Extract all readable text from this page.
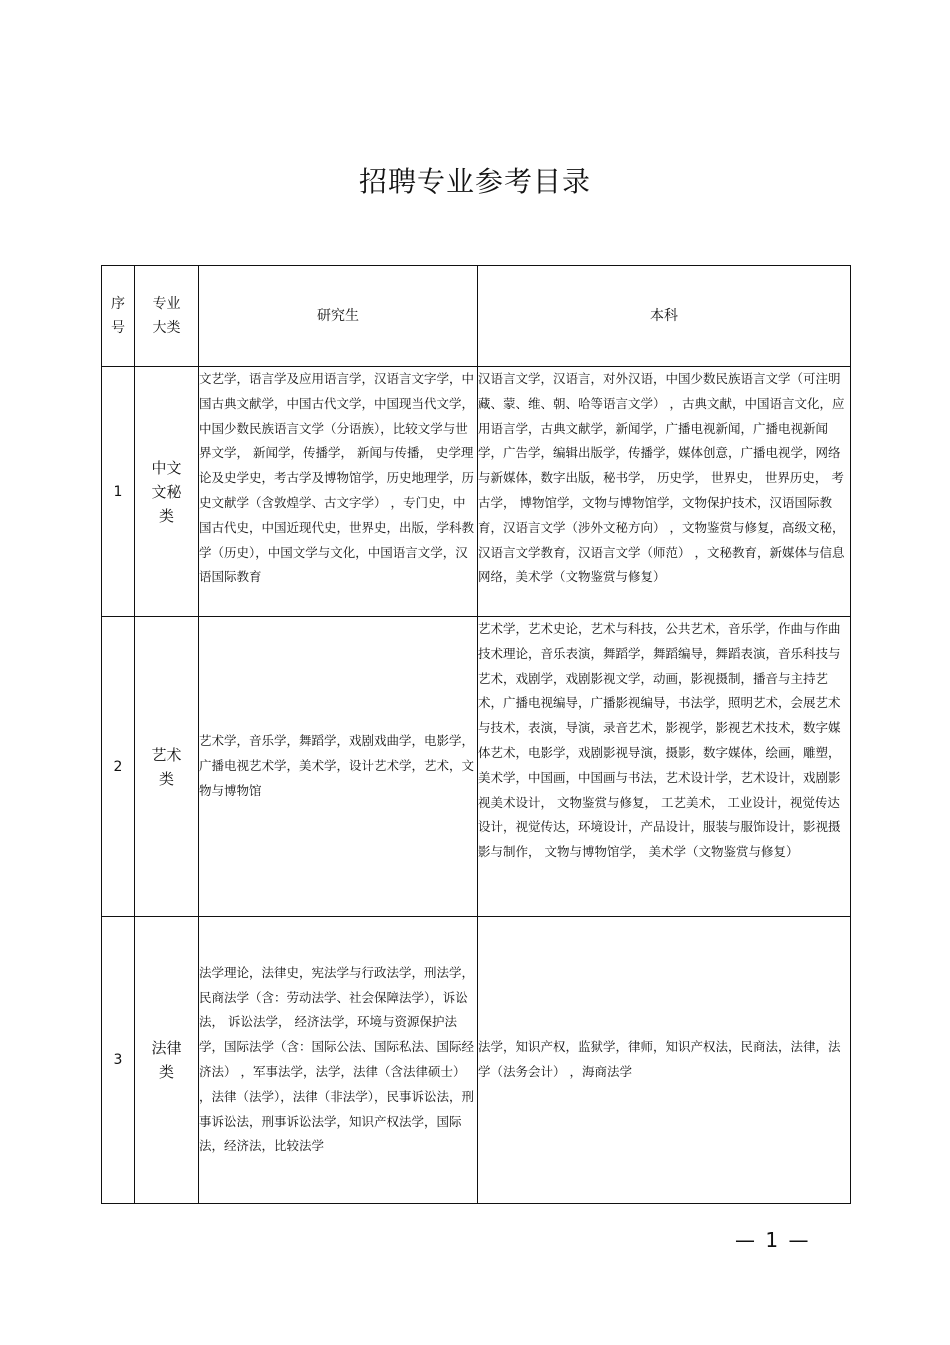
招聘专业参考目录
序号	专业大类	研究生	本科
1	中文文秘类	文艺学，语言学及应用语言学，汉语言文字学，中国古典文献学，中国古代文学，中国现当代文学，中国少数民族语言文学（分语族），比较文学与世界文学， 新闻学，传播学， 新闻与传播， 史学理论及史学史，考古学及博物馆学，历史地理学，历史文献学（含敦煌学、古文字学） ，专门史，中国古代史，中国近现代史，世界史，出版，学科教学（历史），中国文学与文化，中国语言文学，汉语国际教育	汉语言文学，汉语言，对外汉语，中国少数民族语言文学（可注明藏、蒙、维、朝、哈等语言文学） ，古典文献，中国语言文化，应用语言学，古典文献学，新闻学，广播电视新闻，广播电视新闻学，广告学，编辑出版学，传播学，媒体创意，广播电视学，网络与新媒体，数字出版，秘书学， 历史学， 世界史， 世界历史， 考古学， 博物馆学，文物与博物馆学，文物保护技术，汉语国际教育，汉语言文学（涉外文秘方向） ，文物鉴赏与修复，高级文秘，汉语言文学教育，汉语言文学（师范） ，文秘教育，新媒体与信息网络，美术学（文物鉴赏与修复）
2	艺术类	艺术学，音乐学，舞蹈学，戏剧戏曲学，电影学，广播电视艺术学，美术学，设计艺术学，艺术，文物与博物馆	艺术学，艺术史论，艺术与科技，公共艺术，音乐学，作曲与作曲技术理论，音乐表演，舞蹈学，舞蹈编导，舞蹈表演，音乐科技与艺术，戏剧学，戏剧影视文学，动画，影视摄制，播音与主持艺术，广播电视编导，广播影视编导，书法学，照明艺术，会展艺术与技术，表演，导演，录音艺术，影视学，影视艺术技术，数字媒体艺术，电影学，戏剧影视导演，摄影，数字媒体，绘画，雕塑，美术学，中国画，中国画与书法，艺术设计学，艺术设计，戏剧影视美术设计， 文物鉴赏与修复， 工艺美术， 工业设计，视觉传达设计，视觉传达，环境设计，产品设计，服装与服饰设计，影视摄影与制作， 文物与博物馆学， 美术学（文物鉴赏与修复）
3	法律类	法学理论，法律史，宪法学与行政法学，刑法学，民商法学（含：劳动法学、社会保障法学），诉讼法， 诉讼法学， 经济法学，环境与资源保护法学，国际法学（含：国际公法、国际私法、国际经济法） ，军事法学，法学，法律（含法律硕士） ，法律（法学），法律（非法学），民事诉讼法，刑事诉讼法，刑事诉讼法学，知识产权法学，国际法，经济法，比较法学	法学，知识产权，监狱学，律师，知识产权法，民商法，法律，法学（法务会计） ，海商法学
— 1 —
